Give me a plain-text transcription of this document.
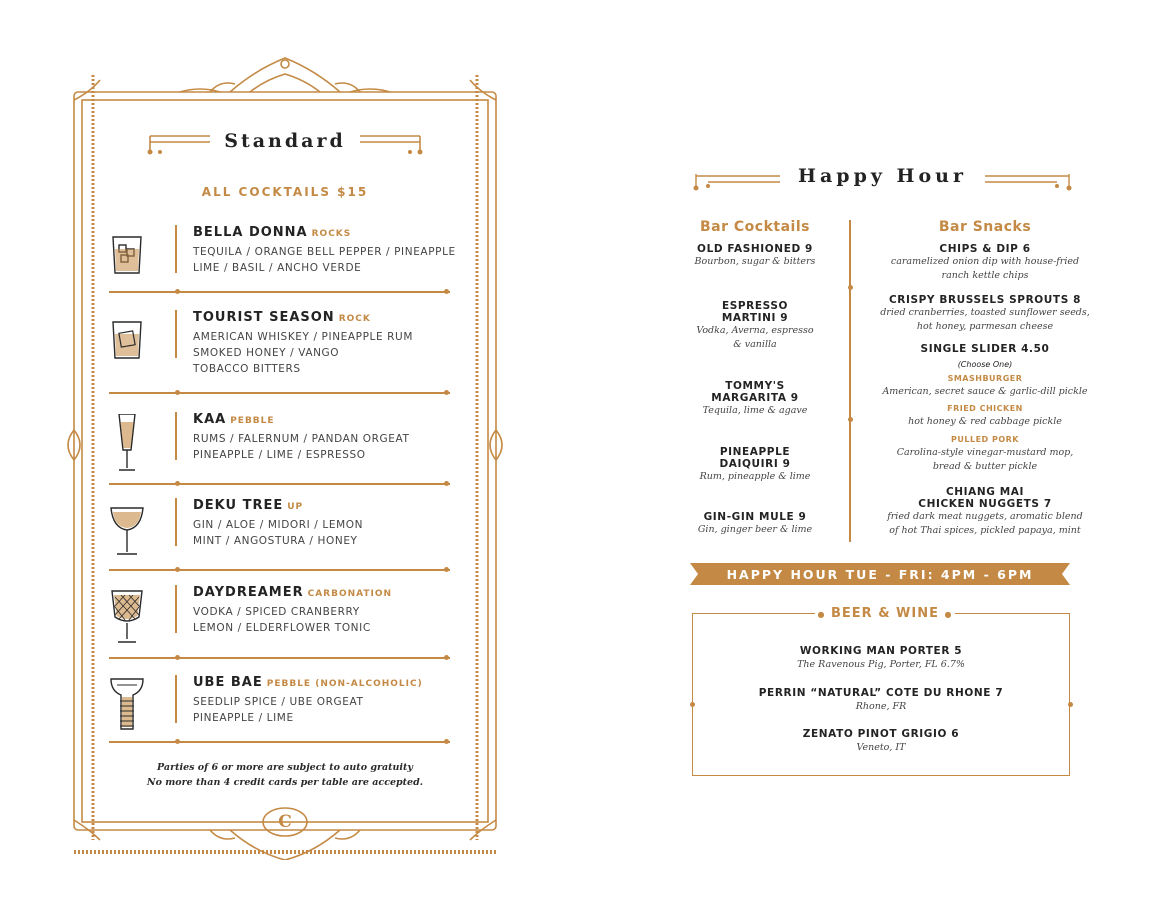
Standard
ALL COCKTAILS $15
C
BELLA DONNA ROCKS
TEQUILA / ORANGE BELL PEPPER / PINEAPPLE
LIME / BASIL / ANCHO VERDE
TOURIST SEASON ROCK
AMERICAN WHISKEY / PINEAPPLE RUM
SMOKED HONEY / VANGO
TOBACCO BITTERS
KAA PEBBLE
RUMS / FALERNUM / PANDAN ORGEAT
PINEAPPLE / LIME / ESPRESSO
DEKU TREE UP
GIN / ALOE / MIDORI / LEMON
MINT / ANGOSTURA / HONEY
DAYDREAMER CARBONATION
VODKA / SPICED CRANBERRY
LEMON / ELDERFLOWER TONIC
UBE BAE PEBBLE (NON-ALCOHOLIC)
SEEDLIP SPICE / UBE ORGEAT
PINEAPPLE / LIME
Parties of 6 or more are subject to auto gratuity
No more than 4 credit cards per table are accepted.
Happy Hour
Bar Cocktails	Bar Snacks
OLD FASHIONED 9
Bourbon, sugar & bitters
ESPRESSO
MARTINI 9
Vodka, Averna, espresso
& vanilla
TOMMY'S
MARGARITA 9
Tequila, lime & agave
PINEAPPLE
DAIQUIRI 9
Rum, pineapple & lime
GIN-GIN MULE 9
Gin, ginger beer & lime
CHIPS & DIP 6
caramelized onion dip with house-fried
ranch kettle chips
CRISPY BRUSSELS SPROUTS 8
dried cranberries, toasted sunflower seeds,
hot honey, parmesan cheese
SINGLE SLIDER 4.50
(Choose One)
SMASHBURGER
American, secret sauce & garlic-dill pickle
FRIED CHICKEN
hot honey & red cabbage pickle
PULLED PORK
Carolina-style vinegar-mustard mop,
bread & butter pickle
CHIANG MAI
CHICKEN NUGGETS 7
fried dark meat nuggets, aromatic blend
of hot Thai spices, pickled papaya, mint
HAPPY HOUR TUE - FRI: 4PM - 6PM
● BEER & WINE ●
WORKING MAN PORTER 5
The Ravenous Pig, Porter, FL 6.7%
PERRIN “NATURAL” COTE DU RHONE 7
Rhone, FR
ZENATO PINOT GRIGIO 6
Veneto, IT
